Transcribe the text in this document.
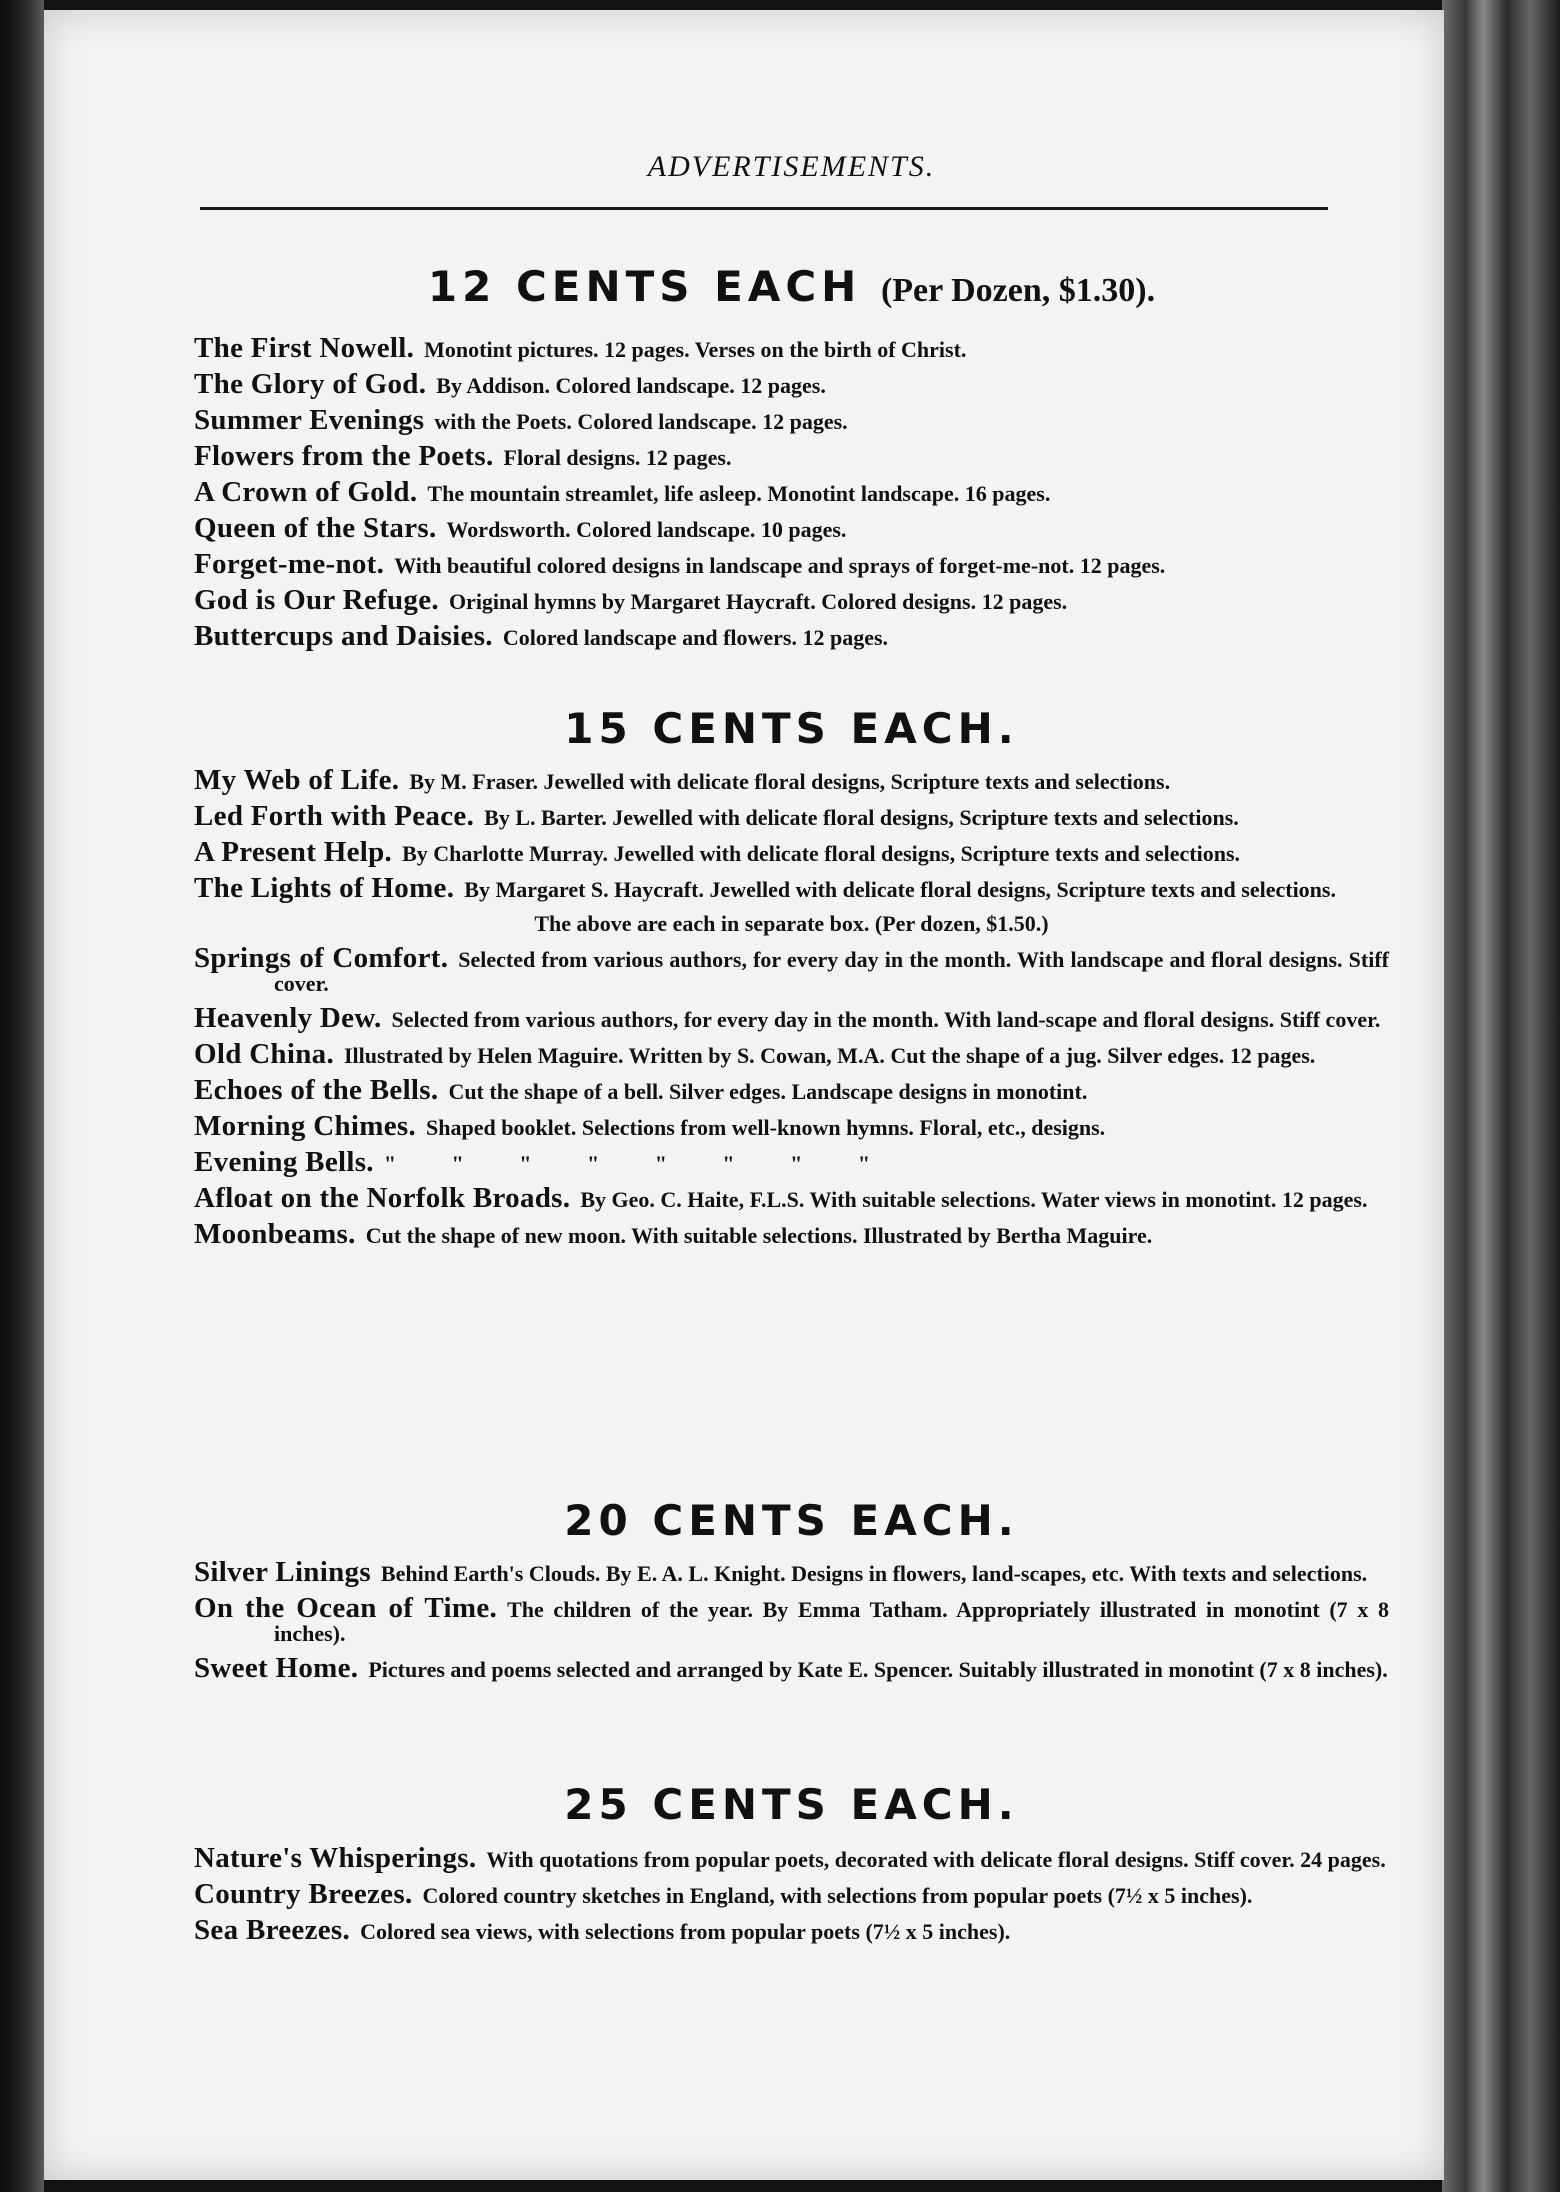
ADVERTISEMENTS.
12 CENTS EACH (Per Dozen, $1.30).
The First Nowell. Monotint pictures. 12 pages. Verses on the birth of Christ.
The Glory of God. By Addison. Colored landscape. 12 pages.
Summer Evenings with the Poets. Colored landscape. 12 pages.
Flowers from the Poets. Floral designs. 12 pages.
A Crown of Gold. The mountain streamlet, life asleep. Monotint landscape. 16 pages.
Queen of the Stars. Wordsworth. Colored landscape. 10 pages.
Forget-me-not. With beautiful colored designs in landscape and sprays of forget-me-not. 12 pages.
God is Our Refuge. Original hymns by Margaret Haycraft. Colored designs. 12 pages.
Buttercups and Daisies. Colored landscape and flowers. 12 pages.
15 CENTS EACH.
My Web of Life. By M. Fraser. Jewelled with delicate floral designs, Scripture texts and selections.
Led Forth with Peace. By L. Barter. Jewelled with delicate floral designs, Scripture texts and selections.
A Present Help. By Charlotte Murray. Jewelled with delicate floral designs, Scripture texts and selections.
The Lights of Home. By Margaret S. Haycraft. Jewelled with delicate floral designs, Scripture texts and selections.
The above are each in separate box. (Per dozen, $1.50.)
Springs of Comfort. Selected from various authors, for every day in the month. With landscape and floral designs. Stiff cover.
Heavenly Dew. Selected from various authors, for every day in the month. With land-scape and floral designs. Stiff cover.
Old China. Illustrated by Helen Maguire. Written by S. Cowan, M.A. Cut the shape of a jug. Silver edges. 12 pages.
Echoes of the Bells. Cut the shape of a bell. Silver edges. Landscape designs in monotint.
Morning Chimes. Shaped booklet. Selections from well-known hymns. Floral, etc., designs.
Evening Bells. " " " " " " " "
Afloat on the Norfolk Broads. By Geo. C. Haite, F.L.S. With suitable selections. Water views in monotint. 12 pages.
Moonbeams. Cut the shape of new moon. With suitable selections. Illustrated by Bertha Maguire.
20 CENTS EACH.
Silver Linings Behind Earth's Clouds. By E. A. L. Knight. Designs in flowers, land-scapes, etc. With texts and selections.
On the Ocean of Time. The children of the year. By Emma Tatham. Appropriately illustrated in monotint (7 x 8 inches).
Sweet Home. Pictures and poems selected and arranged by Kate E. Spencer. Suitably illustrated in monotint (7 x 8 inches).
25 CENTS EACH.
Nature's Whisperings. With quotations from popular poets, decorated with delicate floral designs. Stiff cover. 24 pages.
Country Breezes. Colored country sketches in England, with selections from popular poets (7½ x 5 inches).
Sea Breezes. Colored sea views, with selections from popular poets (7½ x 5 inches).
